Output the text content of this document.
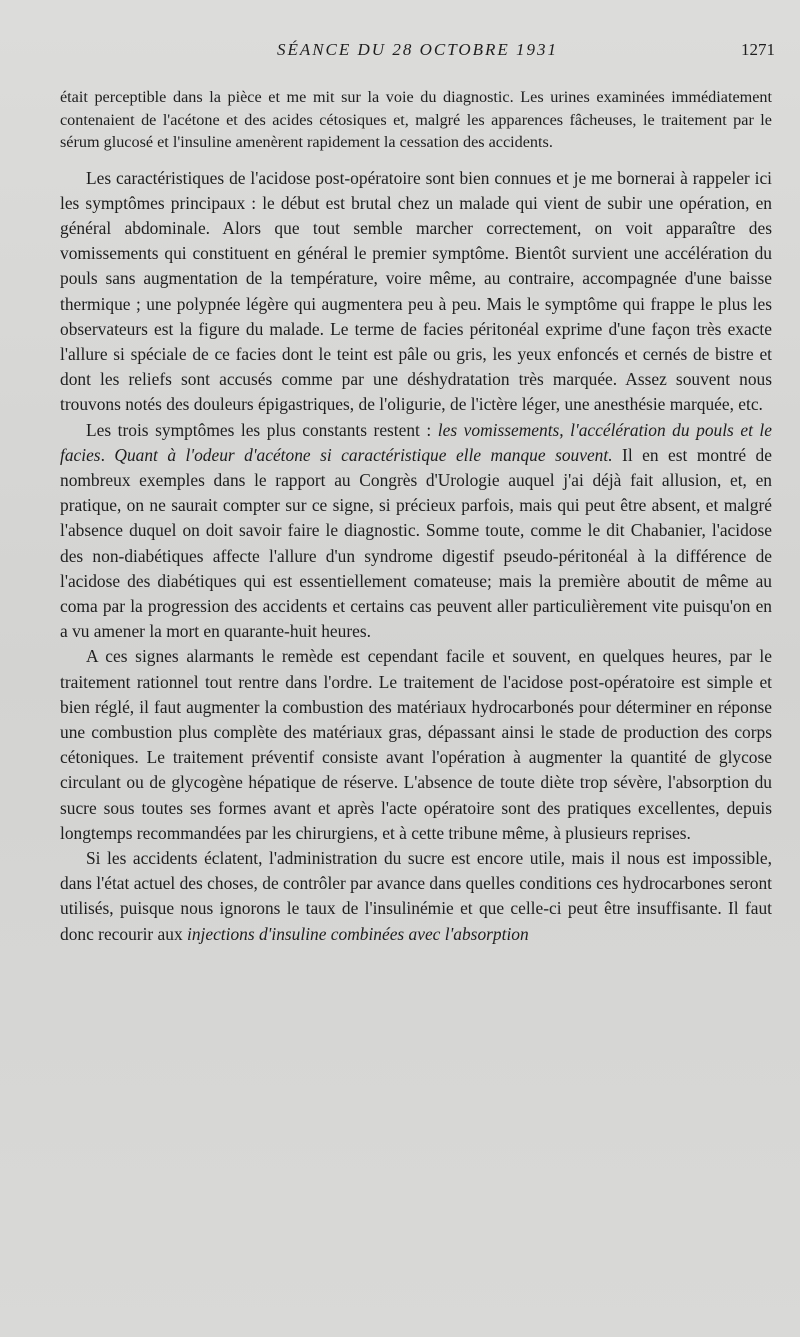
SÉANCE DU 28 OCTOBRE 1931	1271

était perceptible dans la pièce et me mit sur la voie du diagnostic. Les urines examinées immédiatement contenaient de l'acétone et des acides cétosiques et, malgré les apparences fâcheuses, le traitement par le sérum glucosé et l'insuline amenèrent rapidement la cessation des accidents.

Les caractéristiques de l'acidose post-opératoire sont bien connues et je me bornerai à rappeler ici les symptômes principaux : le début est brutal chez un malade qui vient de subir une opération, en général abdominale. Alors que tout semble marcher correctement, on voit apparaître des vomissements qui constituent en général le premier symptôme. Bientôt survient une accélération du pouls sans augmentation de la température, voire même, au contraire, accompagnée d'une baisse thermique ; une polypnée légère qui augmentera peu à peu. Mais le symptôme qui frappe le plus les observateurs est la figure du malade. Le terme de facies péritonéal exprime d'une façon très exacte l'allure si spéciale de ce facies dont le teint est pâle ou gris, les yeux enfoncés et cernés de bistre et dont les reliefs sont accusés comme par une déshydratation très marquée. Assez souvent nous trouvons notés des douleurs épigastriques, de l'oligurie, de l'ictère léger, une anesthésie marquée, etc.

Les trois symptômes les plus constants restent : les vomissements, l'accélération du pouls et le facies. Quant à l'odeur d'acétone si caractéristique elle manque souvent. Il en est montré de nombreux exemples dans le rapport au Congrès d'Urologie auquel j'ai déjà fait allusion, et, en pratique, on ne saurait compter sur ce signe, si précieux parfois, mais qui peut être absent, et malgré l'absence duquel on doit savoir faire le diagnostic. Somme toute, comme le dit Chabanier, l'acidose des non-diabétiques affecte l'allure d'un syndrome digestif pseudo-péritonéal à la différence de l'acidose des diabétiques qui est essentiellement comateuse; mais la première aboutit de même au coma par la progression des accidents et certains cas peuvent aller particulièrement vite puisqu'on en a vu amener la mort en quarante-huit heures.

A ces signes alarmants le remède est cependant facile et souvent, en quelques heures, par le traitement rationnel tout rentre dans l'ordre. Le traitement de l'acidose post-opératoire est simple et bien réglé, il faut augmenter la combustion des matériaux hydrocarbonés pour déterminer en réponse une combustion plus complète des matériaux gras, dépassant ainsi le stade de production des corps cétoniques. Le traitement préventif consiste avant l'opération à augmenter la quantité de glycose circulant ou de glycogène hépatique de réserve. L'absence de toute diète trop sévère, l'absorption du sucre sous toutes ses formes avant et après l'acte opératoire sont des pratiques excellentes, depuis longtemps recommandées par les chirurgiens, et à cette tribune même, à plusieurs reprises.

Si les accidents éclatent, l'administration du sucre est encore utile, mais il nous est impossible, dans l'état actuel des choses, de contrôler par avance dans quelles conditions ces hydrocarbones seront utilisés, puisque nous ignorons le taux de l'insulinémie et que celle-ci peut être insuffisante. Il faut donc recourir aux injections d'insuline combinées avec l'absorption
